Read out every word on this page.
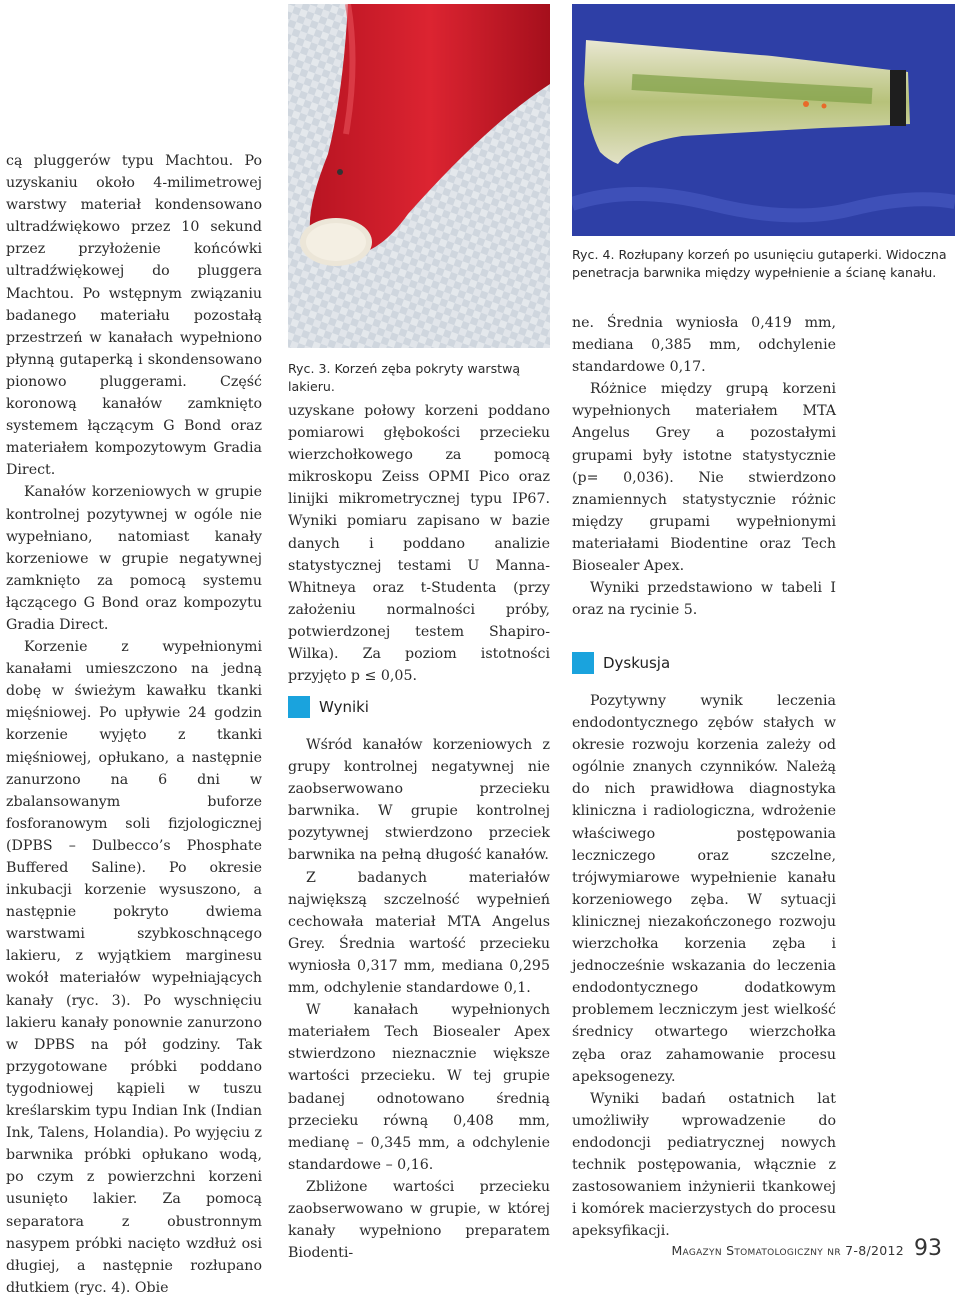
Ryc. 3. Korzeń zęba pokryty warstwą lakieru.
Ryc. 4. Rozłupany korzeń po usunięciu gutaperki. Widoczna penetracja barwnika między wypełnienie a ścianę kanału.

cą pluggerów typu Machtou. Po uzyskaniu około 4-milimetrowej warstwy materiał kondensowano ultradźwiękowo przez 10 sekund przez przyłożenie końcówki ultradźwiękowej do pluggera Machtou. Po wstępnym związaniu badanego materiału pozostałą przestrzeń w kanałach wypełniono płynną gutaperką i skondensowano pionowo pluggerami. Część koronową kanałów zamknięto systemem łączącym G Bond oraz materiałem kompozytowym Gradia Direct.

Kanałów korzeniowych w grupie kontrolnej pozytywnej w ogóle nie wypełniano, natomiast kanały korzeniowe w grupie negatywnej zamknięto za pomocą systemu łączącego G Bond oraz kompozytu Gradia Direct.

Korzenie z wypełnionymi kanałami umieszczono na jedną dobę w świeżym kawałku tkanki mięśniowej. Po upływie 24 godzin korzenie wyjęto z tkanki mięśniowej, opłukano, a następnie zanurzono na 6 dni w zbalansowanym buforze fosforanowym soli fizjologicznej (DPBS – Dulbecco’s Phosphate Buffered Saline). Po okresie inkubacji korzenie wysuszono, a następnie pokryto dwiema warstwami szybkoschnącego lakieru, z wyjątkiem marginesu wokół materiałów wypełniających kanały (ryc. 3). Po wyschnięciu lakieru kanały ponownie zanurzono w DPBS na pół godziny. Tak przygotowane próbki poddano tygodniowej kąpieli w tuszu kreślarskim typu Indian Ink (Indian Ink, Talens, Holandia). Po wyjęciu z barwnika próbki opłukano wodą, po czym z powierzchni korzeni usunięto lakier. Za pomocą separatora z obustronnym nasypem próbki nacięto wzdłuż osi długiej, a następnie rozłupano dłutkiem (ryc. 4). Obie

uzyskane połowy korzeni poddano pomiarowi głębokości przecieku wierzchołkowego za pomocą mikroskopu Zeiss OPMI Pico oraz linijki mikrometrycznej typu IP67. Wyniki pomiaru zapisano w bazie danych i poddano analizie statystycznej testami U Manna-Whitneya oraz t-Studenta (przy założeniu normalności próby, potwierdzonej testem Shapiro-Wilka). Za poziom istotności przyjęto p ≤ 0,05.

Wyniki

Wśród kanałów korzeniowych z grupy kontrolnej negatywnej nie zaobserwowano przecieku barwnika. W grupie kontrolnej pozytywnej stwierdzono przeciek barwnika na pełną długość kanałów.

Z badanych materiałów największą szczelność wypełnień cechowała materiał MTA Angelus Grey. Średnia wartość przecieku wyniosła 0,317 mm, mediana 0,295 mm, odchylenie standardowe 0,1.

W kanałach wypełnionych materiałem Tech Biosealer Apex stwierdzono nieznacznie większe wartości przecieku. W tej grupie badanej odnotowano średnią przecieku równą 0,408 mm, medianę – 0,345 mm, a odchylenie standardowe – 0,16.

Zbliżone wartości przecieku zaobserwowano w grupie, w której kanały wypełniono preparatem Biodenti-

ne. Średnia wyniosła 0,419 mm, mediana 0,385 mm, odchylenie standardowe 0,17.

Różnice między grupą korzeni wypełnionych materiałem MTA Angelus Grey a pozostałymi grupami były istotne statystycznie (p= 0,036). Nie stwierdzono znamiennych statystycznie różnic między grupami wypełnionymi materiałami Biodentine oraz Tech Biosealer Apex.

Wyniki przedstawiono w tabeli I oraz na rycinie 5.

Dyskusja

Pozytywny wynik leczenia endodontycznego zębów stałych w okresie rozwoju korzenia zależy od ogólnie znanych czynników. Należą do nich prawidłowa diagnostyka kliniczna i radiologiczna, wdrożenie właściwego postępowania leczniczego oraz szczelne, trójwymiarowe wypełnienie kanału korzeniowego zęba. W sytuacji klinicznej niezakończonego rozwoju wierzchołka korzenia zęba i jednocześnie wskazania do leczenia endodontycznego dodatkowym problemem leczniczym jest wielkość średnicy otwartego wierzchołka zęba oraz zahamowanie procesu apeksogenezy.

Wyniki badań ostatnich lat umożliwiły wprowadzenie do endodoncji pediatrycznej nowych technik postępowania, włącznie z zastosowaniem inżynierii tkankowej i komórek macierzystych do procesu apeksyfikacji.

Magazyn Stomatologiczny nr 7-8/2012 93
